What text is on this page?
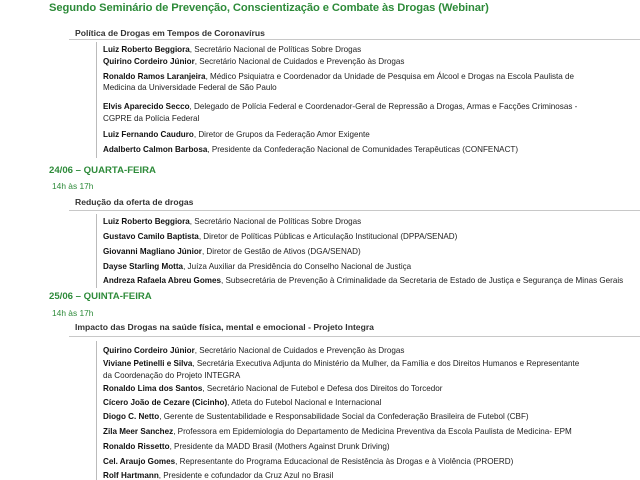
Segundo Seminário de Prevenção, Conscientização e Combate às Drogas (Webinar)
Política de Drogas em Tempos de Coronavírus
Luiz Roberto Beggiora, Secretário Nacional de Políticas Sobre Drogas
Quirino Cordeiro Júnior, Secretário Nacional de Cuidados e Prevenção às Drogas
Ronaldo Ramos Laranjeira, Médico Psiquiatra e Coordenador da Unidade de Pesquisa em Álcool e Drogas na Escola Paulista de
Medicina da Universidade Federal de São Paulo
Elvis Aparecido Secco, Delegado de Polícia Federal e Coordenador-Geral de Repressão a Drogas, Armas e Facções Criminosas -
CGPRE da Polícia Federal
Luiz Fernando Cauduro, Diretor de Grupos da Federação Amor Exigente
Adalberto Calmon Barbosa, Presidente da Confederação Nacional de Comunidades Terapêuticas (CONFENACT)
24/06 – QUARTA-FEIRA
14h às 17h
Redução da oferta de drogas
Luiz Roberto Beggiora, Secretário Nacional de Políticas Sobre Drogas
Gustavo Camilo Baptista, Diretor de Políticas Públicas e Articulação Institucional (DPPA/SENAD)
Giovanni Magliano Júnior, Diretor de Gestão de Ativos (DGA/SENAD)
Dayse Starling Motta, Juíza Auxiliar da Presidência do Conselho Nacional de Justiça
Andreza Rafaela Abreu Gomes, Subsecretária de Prevenção à Criminalidade da Secretaria de Estado de Justiça e Segurança de Minas Gerais
25/06 – QUINTA-FEIRA
14h às 17h
Impacto das Drogas na saúde física, mental e emocional - Projeto Integra
Quirino Cordeiro Júnior, Secretário Nacional de Cuidados e Prevenção às Drogas
Viviane Petinelli e Silva, Secretária Executiva Adjunta do Ministério da Mulher, da Família e dos Direitos Humanos e Representante
da Coordenação do Projeto INTEGRA
Ronaldo Lima dos Santos, Secretário Nacional de Futebol e Defesa dos Direitos do Torcedor
Cícero João de Cezare (Cicinho), Atleta do Futebol Nacional e Internacional
Diogo C. Netto, Gerente de Sustentabilidade e Responsabilidade Social da Confederação Brasileira de Futebol (CBF)
Zila Meer Sanchez, Professora em Epidemiologia do Departamento de Medicina Preventiva da Escola Paulista de Medicina- EPM
Ronaldo Rissetto, Presidente da MADD Brasil (Mothers Against Drunk Driving)
Cel. Araujo Gomes, Representante do Programa Educacional de Resistência às Drogas e à Violência (PROERD)
Rolf Hartmann, Presidente e cofundador da Cruz Azul no Brasil
